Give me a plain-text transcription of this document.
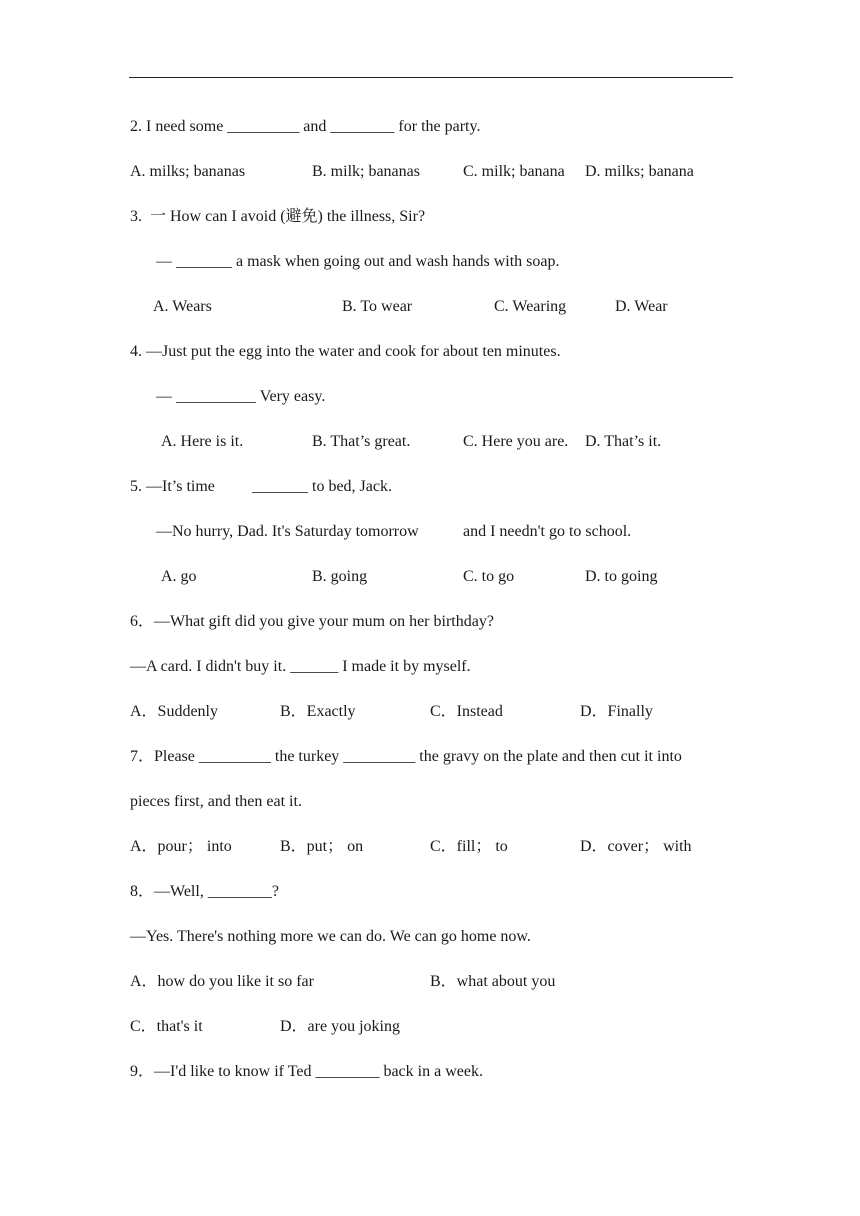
2. I need some _________ and ________ for the party.
A. milks; bananas	B. milk; bananas	C. milk; banana D. milks; banana
3.  一 How can I avoid (避免) the illness, Sir?
— _______ a mask when going out and wash hands with soap.
A. Wears	B. To wear	C. Wearing	D. Wear
4. —Just put the egg into the water and cook for about ten minutes.
— __________ Very easy.
A. Here is it.	B. That’s great.	C. Here you are. D. That’s it.
5. —It’s time _______ to bed, Jack.
—No hurry, Dad. It's Saturday tomorrow	and I needn't go to school.
A. go	B. going	C. to go	D. to going
6．—What gift did you give your mum on her birthday?
—A card. I didn't buy it. ______ I made it by myself.
A．Suddenly	B．Exactly	C．Instead	D．Finally
7．Please _________ the turkey _________ the gravy on the plate and then cut it into
pieces first, and then eat it.
A．pour； into	B．put； on	C．fill； to	D．cover； with
8．—Well, ________?
—Yes. There's nothing more we can do. We can go home now.
A．how do you like it so far	B．what about you
C．that's it	D．are you joking
9．—I'd like to know if Ted ________ back in a week.
